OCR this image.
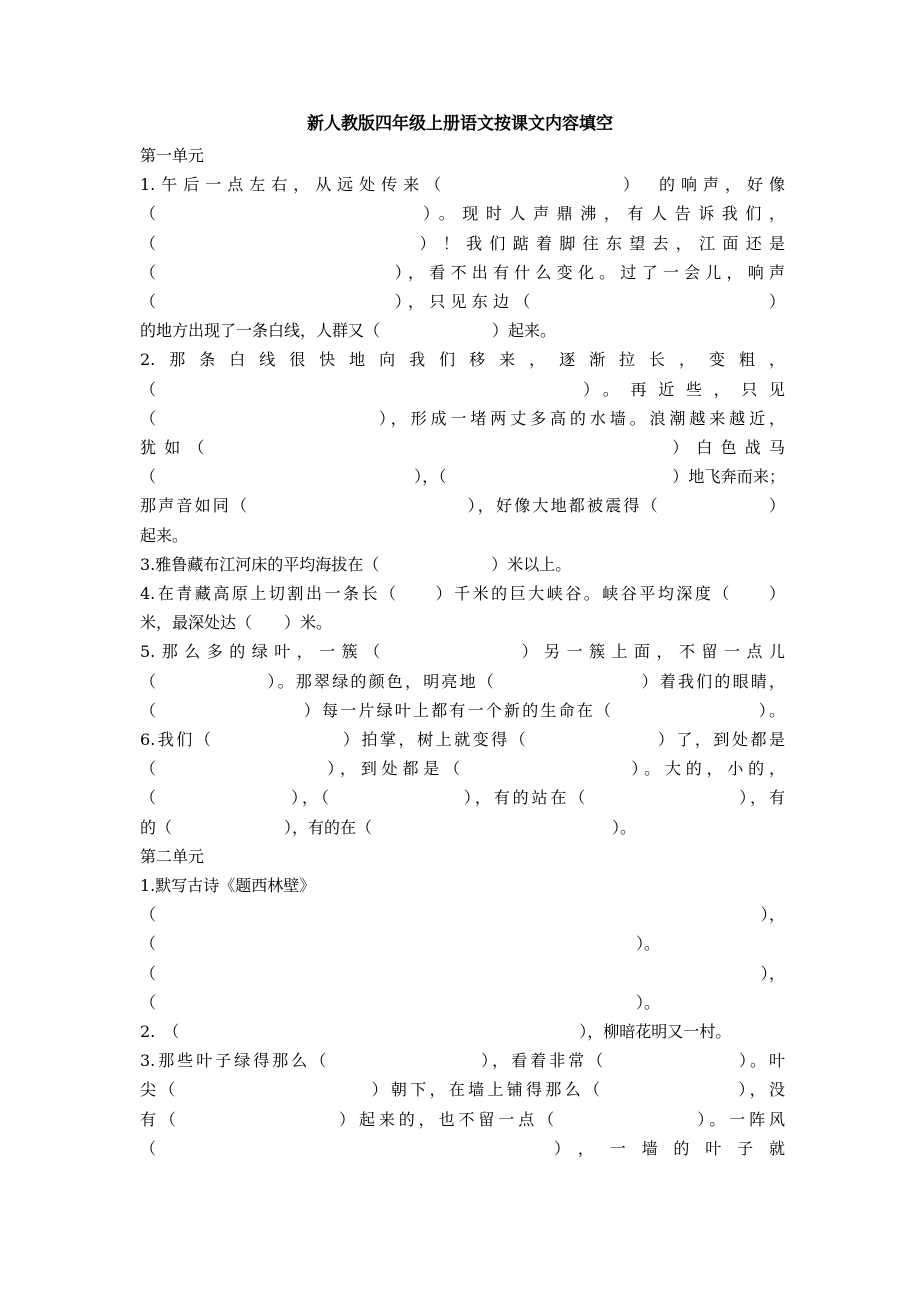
新人教版四年级上册语文按课文内容填空
第一单元
1.午后一点左右，从远处传来（　　　　　　　　）　的响声，好像
（　　　　　　　　　　　）。现时人声鼎沸，有人告诉我们，
（　　　　　　　　　　　）！我们踮着脚往东望去，江面还是
（　　　　　　　　　　　），看不出有什么变化。过了一会儿，响声
（　　　　　　　　　　　），只见东边（　　　　　　　　　　　）
的地方出现了一条白线，人群又（　　　　　　　）起来。
2.那条白线很快地向我们移来，逐渐拉长，变粗，
（　　　　　　　　　　　　　　　）。再近些，只见
（　　　　　　　　　　　），形成一堵两丈多高的水墙。浪潮越来越近，
犹如（　　　　　　　　　　　　　　　　　　　）白色战马
（　　　　　　　　　　　　　　　　），（　　　　　　　　　　　　　　）地飞奔而来；
那声音如同（　　　　　　　　　　　　），好像大地都被震得（　　　　　　）
起来。
3.雅鲁藏布江河床的平均海拔在（　　　　　　　）米以上。
4.在青藏高原上切割出一条长（　　）千米的巨大峡谷。峡谷平均深度（　　）
米，最深处达（　　）米。
5.那么多的绿叶，一簇（　　　　　　）另一簇上面，不留一点儿
（　　　　　　）。那翠绿的颜色，明亮地（　　　　　　　　）着我们的眼睛，
（　　　　　　　　）每一片绿叶上都有一个新的生命在（　　　　　　　　）。
6.我们（　　　　　　　）拍掌，树上就变得（　　　　　　　）了，到处都是
（　　　　　　　　），到处都是（　　　　　　　　）。大的，小的，
（　　　　　　　），（　　　　　　　），有的站在（　　　　　　　　），有
的（　　　　　　　），有的在（　　　　　　　　　　　　　　　）。
第二单元
1.默写古诗《题西林壁》
（　　　　　　　　　　　　　　　　　　　　　　　　　　　　　　　　　　　　　），
（　　　　　　　　　　　　　　　　　　　　　　　　　　　　　　）。
（　　　　　　　　　　　　　　　　　　　　　　　　　　　　　　　　　　　　　），
（　　　　　　　　　　　　　　　　　　　　　　　　　　　　　　）。
2.　（　　　　　　　　　　　　　　　　　　　　　　　　　），柳暗花明又一村。
3.那些叶子绿得那么（　　　　　　　　），看着非常（　　　　　　　）。叶
尖（　　　　　　　　　　）朝下，在墙上铺得那么（　　　　　　　），没
有（　　　　　　　　）起来的，也不留一点（　　　　　　　）。一阵风
（　　　　　　　　　　　　），一墙的叶子就
